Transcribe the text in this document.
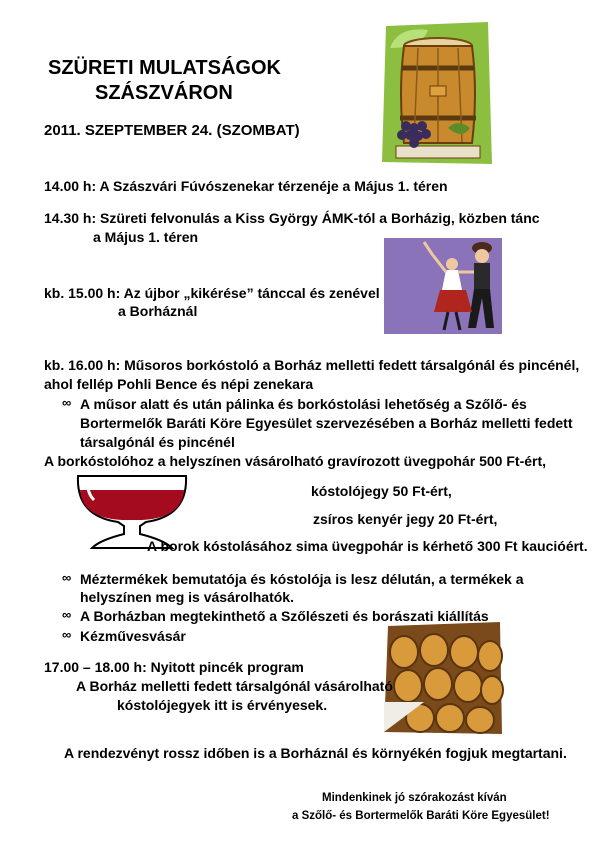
SZÜRETI MULATSÁGOK
SZÁSZVÁRON
2011. SZEPTEMBER 24. (SZOMBAT)
14.00 h: A Szászvári Fúvószenekar térzenéje a Május 1. téren
14.30 h: Szüreti felvonulás a Kiss György ÁMK-tól a Borházig, közben tánc
a Május 1. téren
kb. 15.00 h: Az újbor „kikérése” tánccal és zenével
a Borháznál
kb. 16.00 h: Műsoros borkóstoló a Borház melletti fedett társalgónál és pincénél,
ahol fellép Pohli Bence és népi zenekara
∞ A műsor alatt és után pálinka és borkóstolási lehetőség a Szőlő- és
Bortermelők Baráti Köre Egyesület szervezésében a Borház melletti fedett
társalgónál és pincénél
A borkóstolóhoz a helyszínen vásárolható gravírozott üvegpohár 500 Ft-ért,
kóstolójegy 50 Ft-ért,
zsíros kenyér jegy 20 Ft-ért,
A borok kóstolásához sima üvegpohár is kérhető 300 Ft kaucióért.
∞ Méztermékek bemutatója és kóstolója is lesz délután, a termékek a
helyszínen meg is vásárolhatók.
∞ A Borházban megtekinthető a Szőlészeti és borászati kiállítás
∞ Kézművesvásár
17.00 – 18.00 h: Nyitott pincék program
A Borház melletti fedett társalgónál vásárolható
kóstolójegyek itt is érvényesek.
A rendezvényt rossz időben is a Borháznál és környékén fogjuk megtartani.
Mindenkinek jó szórakozást kíván
a Szőlő- és Bortermelők Baráti Köre Egyesület!
